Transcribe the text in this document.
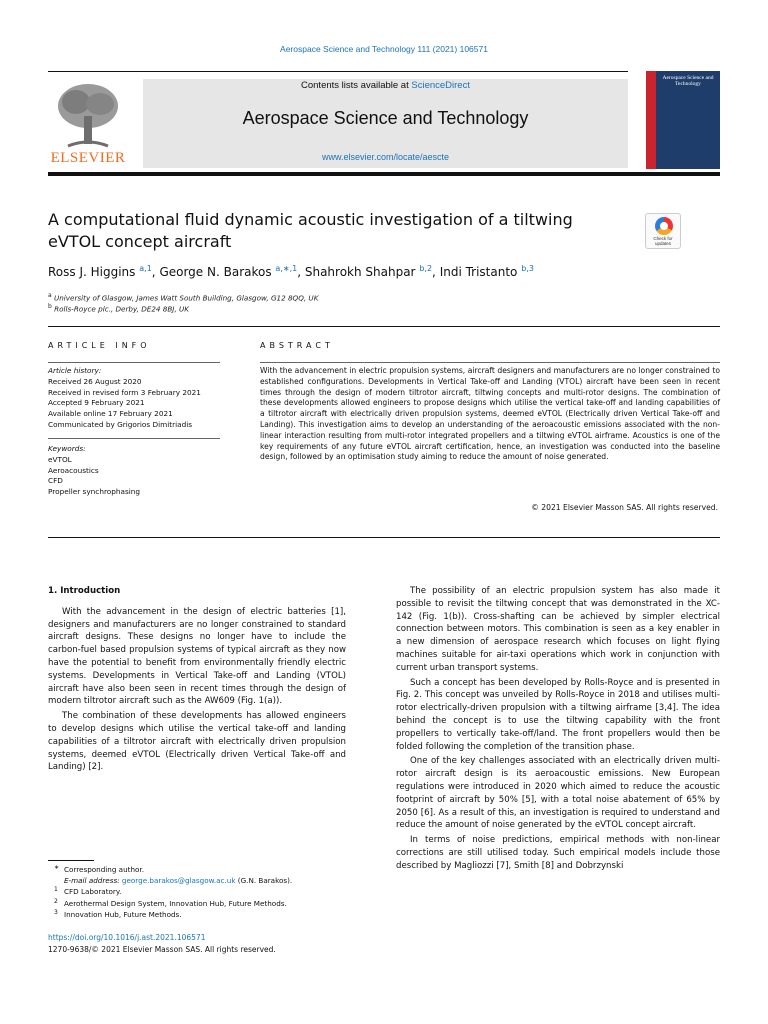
Aerospace Science and Technology 111 (2021) 106571
ELSEVIER
Contents lists available at ScienceDirect
Aerospace Science and Technology
www.elsevier.com/locate/aescte
Aerospace Science and Technology
A computational fluid dynamic acoustic investigation of a tiltwing eVTOL concept aircraft	Check for updates
Ross J. Higgins $^{a,1}$, George N. Barakos $^{a,∗,1}$, Shahrokh Shahpar $^{b,2}$, Indi Tristanto $^{b,3}$
$^a$ University of Glasgow, James Watt South Building, Glasgow, G12 8QQ, UK
$^b$ Rolls-Royce plc., Derby, DE24 8BJ, UK
ARTICLE INFO	ABSTRACT
Article history:
Received 26 August 2020
Received in revised form 3 February 2021
Accepted 9 February 2021
Available online 17 February 2021
Communicated by Grigorios Dimitriadis
Keywords:
eVTOL
Aeroacoustics
CFD
Propeller synchrophasing
With the advancement in electric propulsion systems, aircraft designers and manufacturers are no longer constrained to established configurations. Developments in Vertical Take-off and Landing (VTOL) aircraft have been seen in recent times through the design of modern tiltrotor aircraft, tiltwing concepts and multi-rotor designs. The combination of these developments allowed engineers to propose designs which utilise the vertical take-off and landing capabilities of a tiltrotor aircraft with electrically driven propulsion systems, deemed eVTOL (Electrically driven Vertical Take-off and Landing). This investigation aims to develop an understanding of the aeroacoustic emissions associated with the non-linear interaction resulting from multi-rotor integrated propellers and a tiltwing eVTOL airframe. Acoustics is one of the key requirements of any future eVTOL aircraft certification, hence, an investigation was conducted into the baseline design, followed by an optimisation study aiming to reduce the amount of noise generated.
© 2021 Elsevier Masson SAS. All rights reserved.

1. Introduction

With the advancement in the design of electric batteries [1], designers and manufacturers are no longer constrained to standard aircraft designs. These designs no longer have to include the carbon-fuel based propulsion systems of typical aircraft as they now have the potential to benefit from environmentally friendly electric systems. Developments in Vertical Take-off and Landing (VTOL) aircraft have also been seen in recent times through the design of modern tiltrotor aircraft such as the AW609 (Fig. 1(a)).

The combination of these developments has allowed engineers to develop designs which utilise the vertical take-off and landing capabilities of a tiltrotor aircraft with electrically driven propulsion systems, deemed eVTOL (Electrically driven Vertical Take-off and Landing) [2].

The possibility of an electric propulsion system has also made it possible to revisit the tiltwing concept that was demonstrated in the XC-142 (Fig. 1(b)). Cross-shafting can be achieved by simpler electrical connection between motors. This combination is seen as a key enabler in a new dimension of aerospace research which focuses on light flying machines suitable for air-taxi operations which work in conjunction with current urban transport systems.

Such a concept has been developed by Rolls-Royce and is presented in Fig. 2. This concept was unveiled by Rolls-Royce in 2018 and utilises multi-rotor electrically-driven propulsion with a tiltwing airframe [3,4]. The idea behind the concept is to use the tiltwing capability with the front propellers to vertically take-off/land. The front propellers would then be folded following the completion of the transition phase.

One of the key challenges associated with an electrically driven multi-rotor aircraft design is its aeroacoustic emissions. New European regulations were introduced in 2020 which aimed to reduce the acoustic footprint of aircraft by 50% [5], with a total noise abatement of 65% by 2050 [6]. As a result of this, an investigation is required to understand and reduce the amount of noise generated by the eVTOL concept aircraft.

In terms of noise predictions, empirical methods with non-linear corrections are still utilised today. Such empirical models include those described by Magliozzi [7], Smith [8] and Dobrzynski

∗ Corresponding author.
E-mail address: george.barakos@glasgow.ac.uk (G.N. Barakos).
1 CFD Laboratory.
2 Aerothermal Design System, Innovation Hub, Future Methods.
3 Innovation Hub, Future Methods.
https://doi.org/10.1016/j.ast.2021.106571
1270-9638/© 2021 Elsevier Masson SAS. All rights reserved.
